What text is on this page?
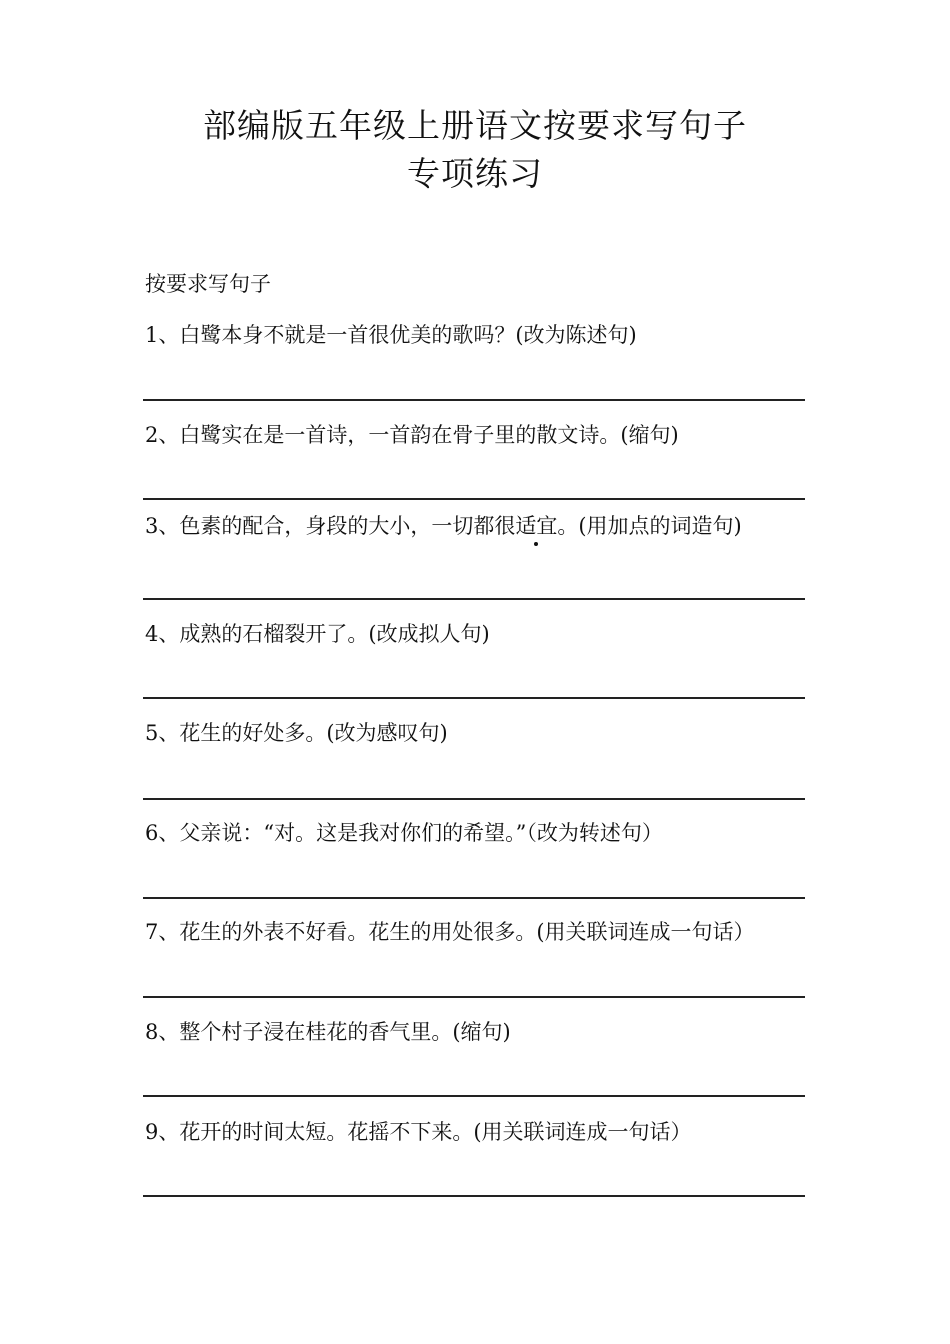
部编版五年级上册语文按要求写句子
专项练习
按要求写句子
1、白鹭本身不就是一首很优美的歌吗？(改为陈述句)
2、白鹭实在是一首诗，一首韵在骨子里的散文诗。(缩句)
3、色素的配合，身段的大小，一切都很适宜。(用加点的词造句)
4、成熟的石榴裂开了。(改成拟人句)
5、花生的好处多。(改为感叹句)
6、父亲说：“对。这是我对你们的希望。”（改为转述句）
7、花生的外表不好看。花生的用处很多。(用关联词连成一句话）
8、整个村子浸在桂花的香气里。(缩句)
9、花开的时间太短。花摇不下来。(用关联词连成一句话）
